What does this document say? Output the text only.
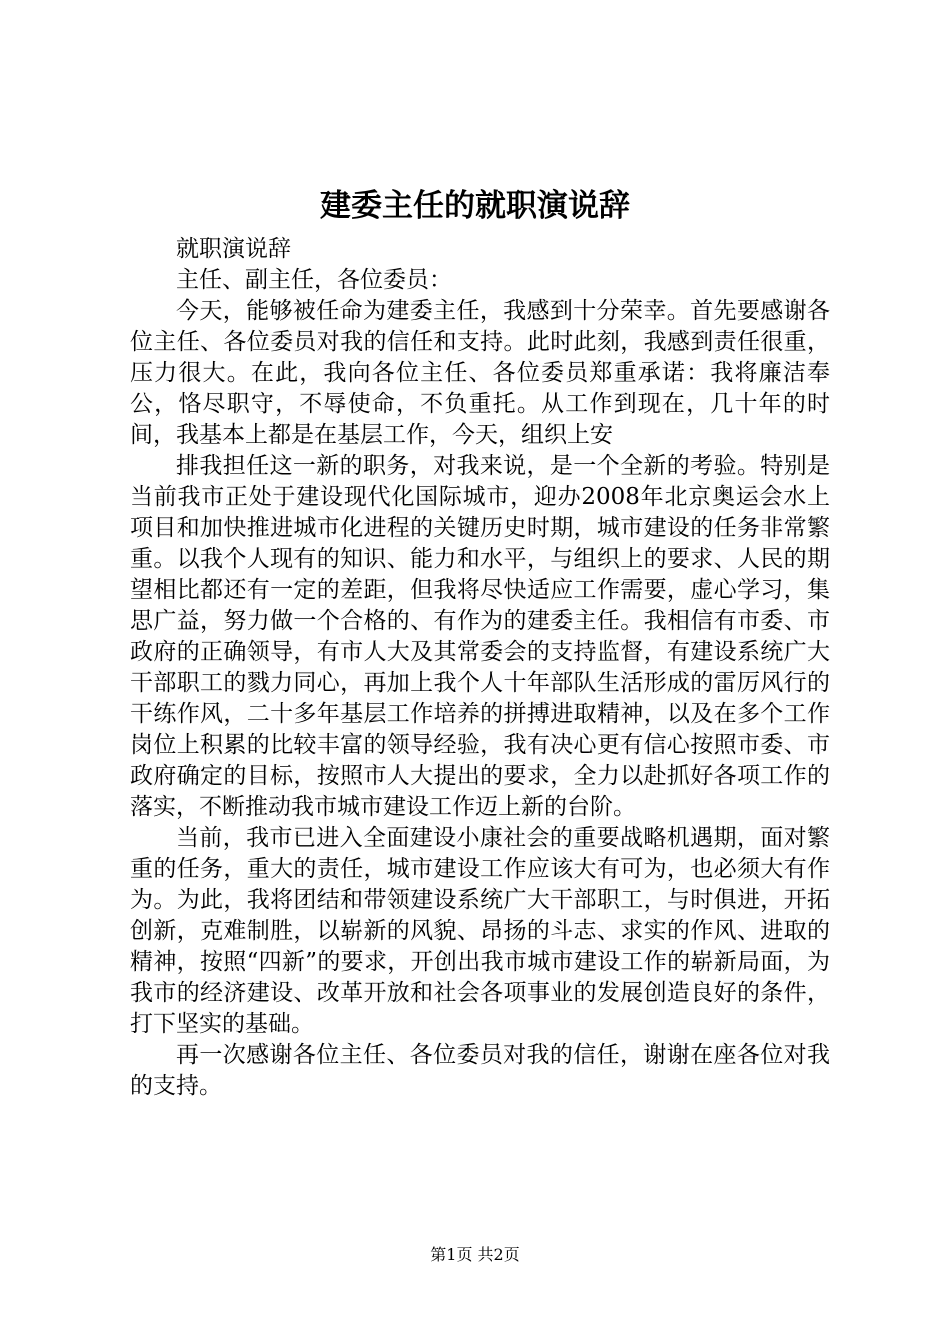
建委主任的就职演说辞

就职演说辞

主任、副主任，各位委员：

今天，能够被任命为建委主任，我感到十分荣幸。首先要感谢各位主任、各位委员对我的信任和支持。此时此刻，我感到责任很重，压力很大。在此，我向各位主任、各位委员郑重承诺：我将廉洁奉公，恪尽职守，不辱使命，不负重托。从工作到现在，几十年的时间，我基本上都是在基层工作，今天，组织上安

排我担任这一新的职务，对我来说，是一个全新的考验。特别是当前我市正处于建设现代化国际城市，迎办2008年北京奥运会水上项目和加快推进城市化进程的关键历史时期，城市建设的任务非常繁重。以我个人现有的知识、能力和水平，与组织上的要求、人民的期望相比都还有一定的差距，但我将尽快适应工作需要，虚心学习，集思广益，努力做一个合格的、有作为的建委主任。我相信有市委、市政府的正确领导，有市人大及其常委会的支持监督，有建设系统广大干部职工的戮力同心，再加上我个人十年部队生活形成的雷厉风行的干练作风，二十多年基层工作培养的拼搏进取精神，以及在多个工作岗位上积累的比较丰富的领导经验，我有决心更有信心按照市委、市政府确定的目标，按照市人大提出的要求，全力以赴抓好各项工作的落实，不断推动我市城市建设工作迈上新的台阶。

当前，我市已进入全面建设小康社会的重要战略机遇期，面对繁重的任务，重大的责任，城市建设工作应该大有可为，也必须大有作为。为此，我将团结和带领建设系统广大干部职工，与时俱进，开拓创新，克难制胜，以崭新的风貌、昂扬的斗志、求实的作风、进取的精神，按照“四新”的要求，开创出我市城市建设工作的崭新局面，为我市的经济建设、改革开放和社会各项事业的发展创造良好的条件，打下坚实的基础。

再一次感谢各位主任、各位委员对我的信任，谢谢在座各位对我的支持。

第1页 共2页
